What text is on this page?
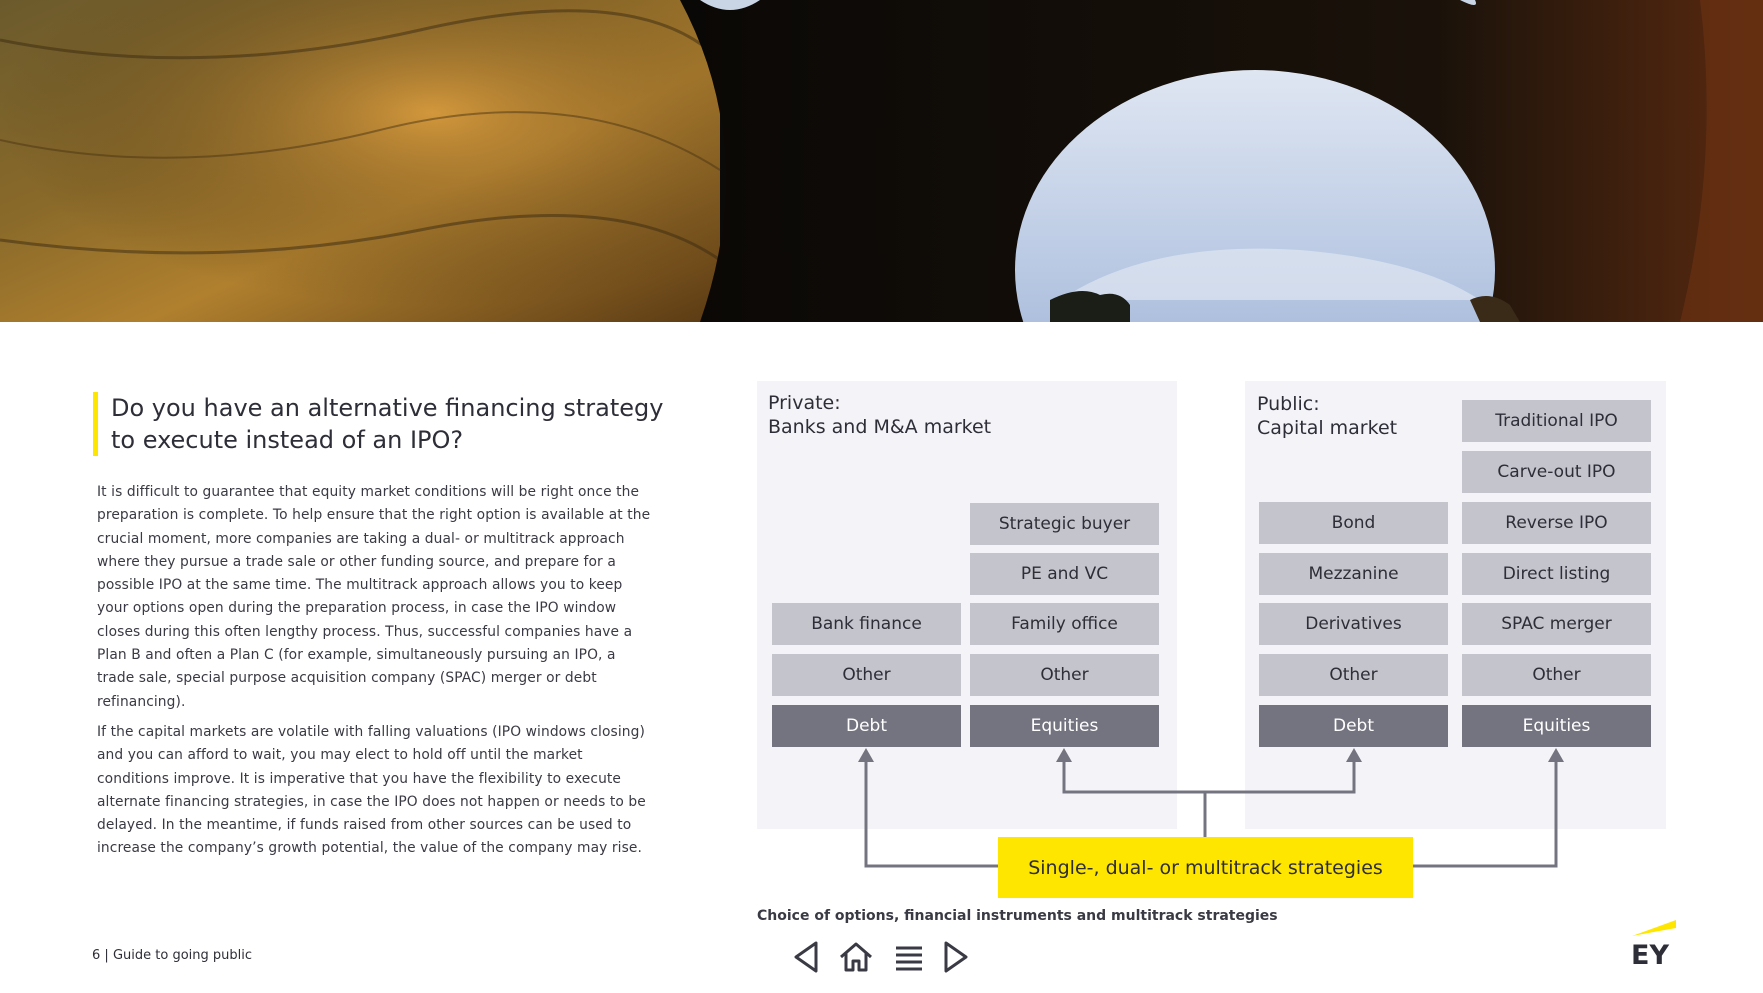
Do you have an alternative financing strategy to execute instead of an IPO?

It is difficult to guarantee that equity market conditions will be right once the preparation is complete. To help ensure that the right option is available at the crucial moment, more companies are taking a dual- or multitrack approach where they pursue a trade sale or other funding source, and prepare for a possible IPO at the same time. The multitrack approach allows you to keep your options open during the preparation process, in case the IPO window closes during this often lengthy process. Thus, successful companies have a Plan B and often a Plan C (for example, simultaneously pursuing an IPO, a trade sale, special purpose acquisition company (SPAC) merger or debt refinancing).

If the capital markets are volatile with falling valuations (IPO windows closing) and you can afford to wait, you may elect to hold off until the market conditions improve. It is imperative that you have the flexibility to execute alternate financing strategies, in case the IPO does not happen or needs to be delayed. In the meantime, if funds raised from other sources can be used to increase the company’s growth potential, the value of the company may rise.

Private:
Banks and M&A market
Bank finance
Other
Debt
Strategic buyer
PE and VC
Family office
Other
Equities
Public:
Capital market
Bond
Mezzanine
Derivatives
Other
Debt
Traditional IPO
Carve-out IPO
Reverse IPO
Direct listing
SPAC merger
Other
Equities
Single-, dual- or multitrack strategies
Choice of options, financial instruments and multitrack strategies
6 | Guide to going public	EY
